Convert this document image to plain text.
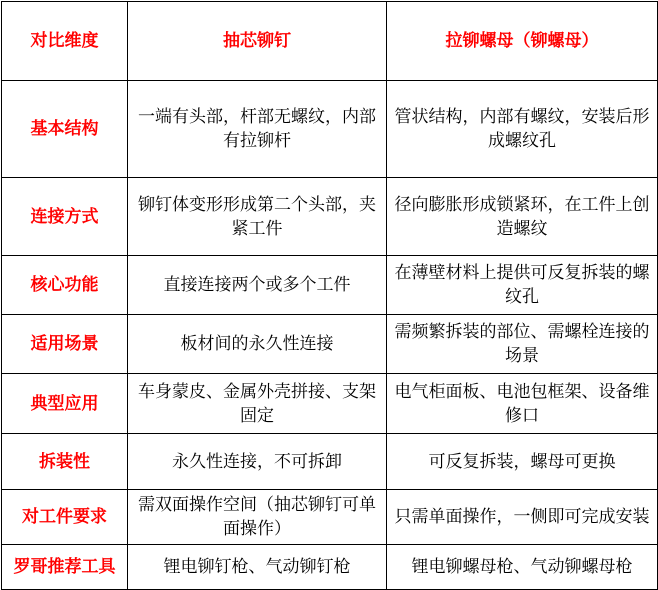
对比维度	抽芯铆钉	拉铆螺母（铆螺母）
基本结构	一端有头部，杆部无螺纹，内部有拉铆杆	管状结构，内部有螺纹，安装后形成螺纹孔
连接方式	铆钉体变形形成第二个头部，夹紧工件	径向膨胀形成锁紧环，在工件上创造螺纹
核心功能	直接连接两个或多个工件	在薄壁材料上提供可反复拆装的螺纹孔
适用场景	板材间的永久性连接	需频繁拆装的部位、需螺栓连接的场景
典型应用	车身蒙皮、金属外壳拼接、支架固定	电气柜面板、电池包框架、设备维修口
拆装性	永久性连接，不可拆卸	可反复拆装，螺母可更换
对工件要求	需双面操作空间（抽芯铆钉可单面操作）	只需单面操作，一侧即可完成安装
罗哥推荐工具	锂电铆钉枪、气动铆钉枪	锂电铆螺母枪、气动铆螺母枪
